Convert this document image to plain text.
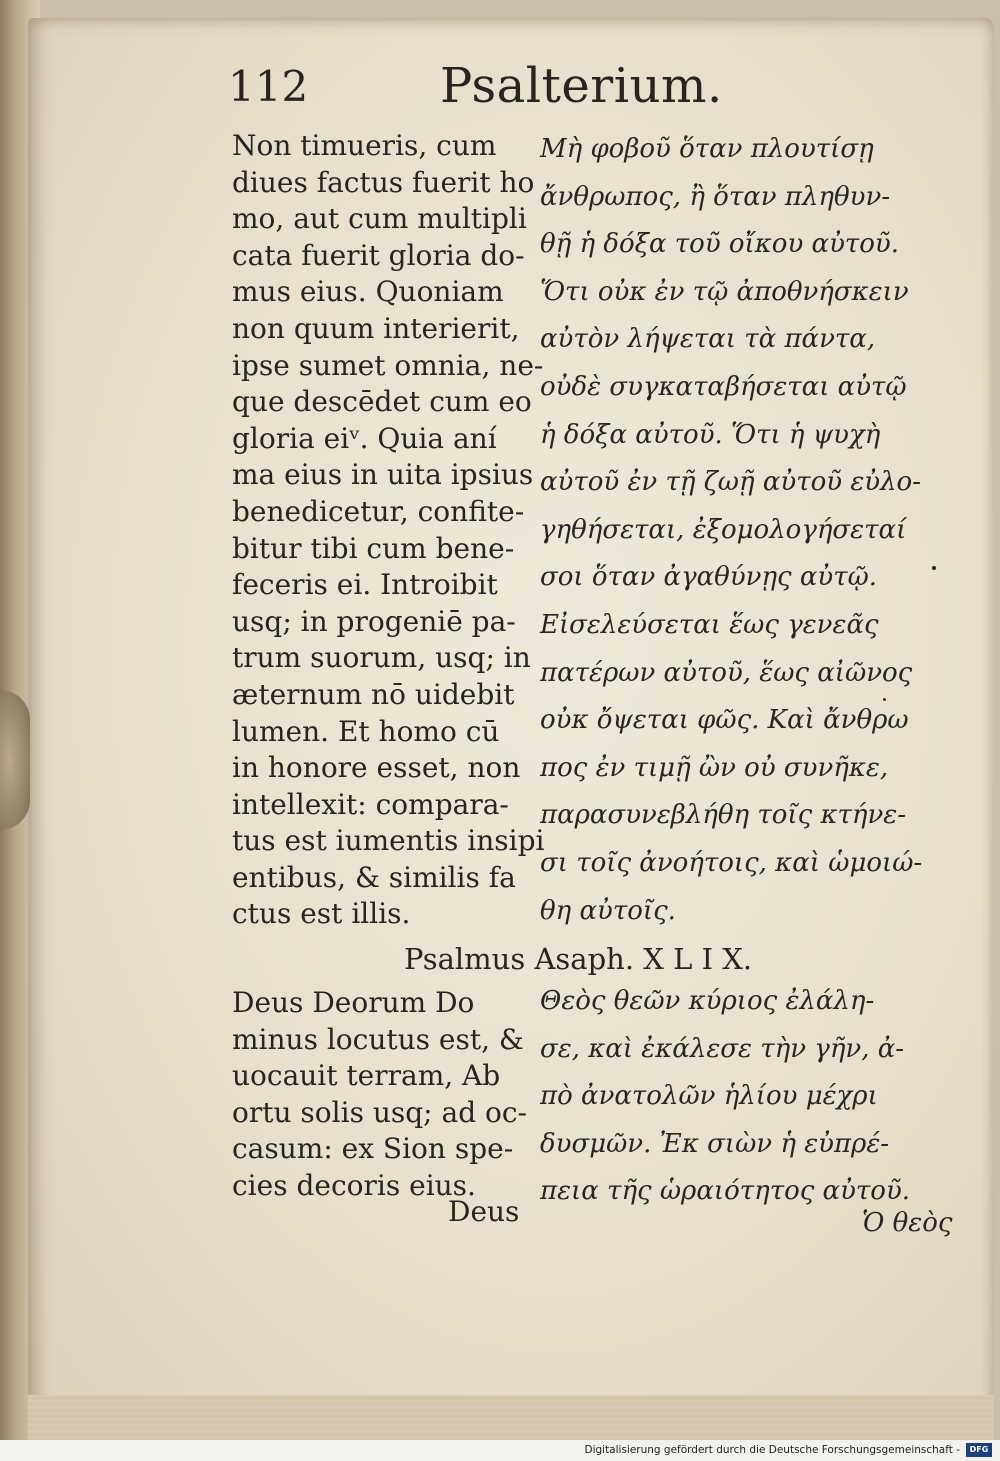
112	Psalterium.
Non timueris, cum
diues factus fuerit ho
mo, aut cum multipli
cata fuerit gloria do-
mus eius. Quoniam
non quum interierit,
ipse sumet omnia, ne-
que descēdet cum eo
gloria eiᵛ. Quia aní
ma eius in uita ipsius
benedicetur, confite-
bitur tibi cum bene-
feceris ei. Introibit
usq; in progeniē pa-
trum suorum, usq; in
æternum nō uidebit
lumen. Et homo cū
in honore esset, non
intellexit: compara-
tus est iumentis insipi
entibus, & similis fa
ctus est illis.
Μὴ φοβοῦ ὅταν πλουτίσῃ
ἄνθρωπος, ἢ ὅταν πληθυν-
θῇ ἡ δόξα τοῦ οἴκου αὐτοῦ.
Ὅτι οὐκ ἐν τῷ ἀποθνήσκειν
αὐτὸν λήψεται τὰ πάντα,
οὐδὲ συγκαταβήσεται αὐτῷ
ἡ δόξα αὐτοῦ. Ὅτι ἡ ψυχὴ
αὐτοῦ ἐν τῇ ζωῇ αὐτοῦ εὐλο-
γηθήσεται, ἐξομολογήσεταί
σοι ὅταν ἀγαθύνῃς αὐτῷ.
Εἰσελεύσεται ἕως γενεᾶς
πατέρων αὐτοῦ, ἕως αἰῶνος
οὐκ ὄψεται φῶς. Καὶ ἄνθρω
πος ἐν τιμῇ ὢν οὐ συνῆκε,
παρασυνεβλήθη τοῖς κτήνε-
σι τοῖς ἀνοήτοις, καὶ ὡμοιώ-
θη αὐτοῖς.
Psalmus Asaph. X L I X.
Deus Deorum Do
minus locutus est, &
uocauit terram, Ab
ortu solis usq; ad oc-
casum: ex Sion spe-
cies decoris eius.
Θεὸς θεῶν κύριος ἐλάλη-
σε, καὶ ἐκάλεσε τὴν γῆν, ἀ-
πὸ ἀνατολῶν ἡλίου μέχρι
δυσμῶν. Ἐκ σιὼν ἡ εὐπρέ-
πεια τῆς ὡραιότητος αὐτοῦ.
Deus	Ὁ θεὸς
Digitalisierung gefördert durch die Deutsche Forschungsgemeinschaft -	DFG
